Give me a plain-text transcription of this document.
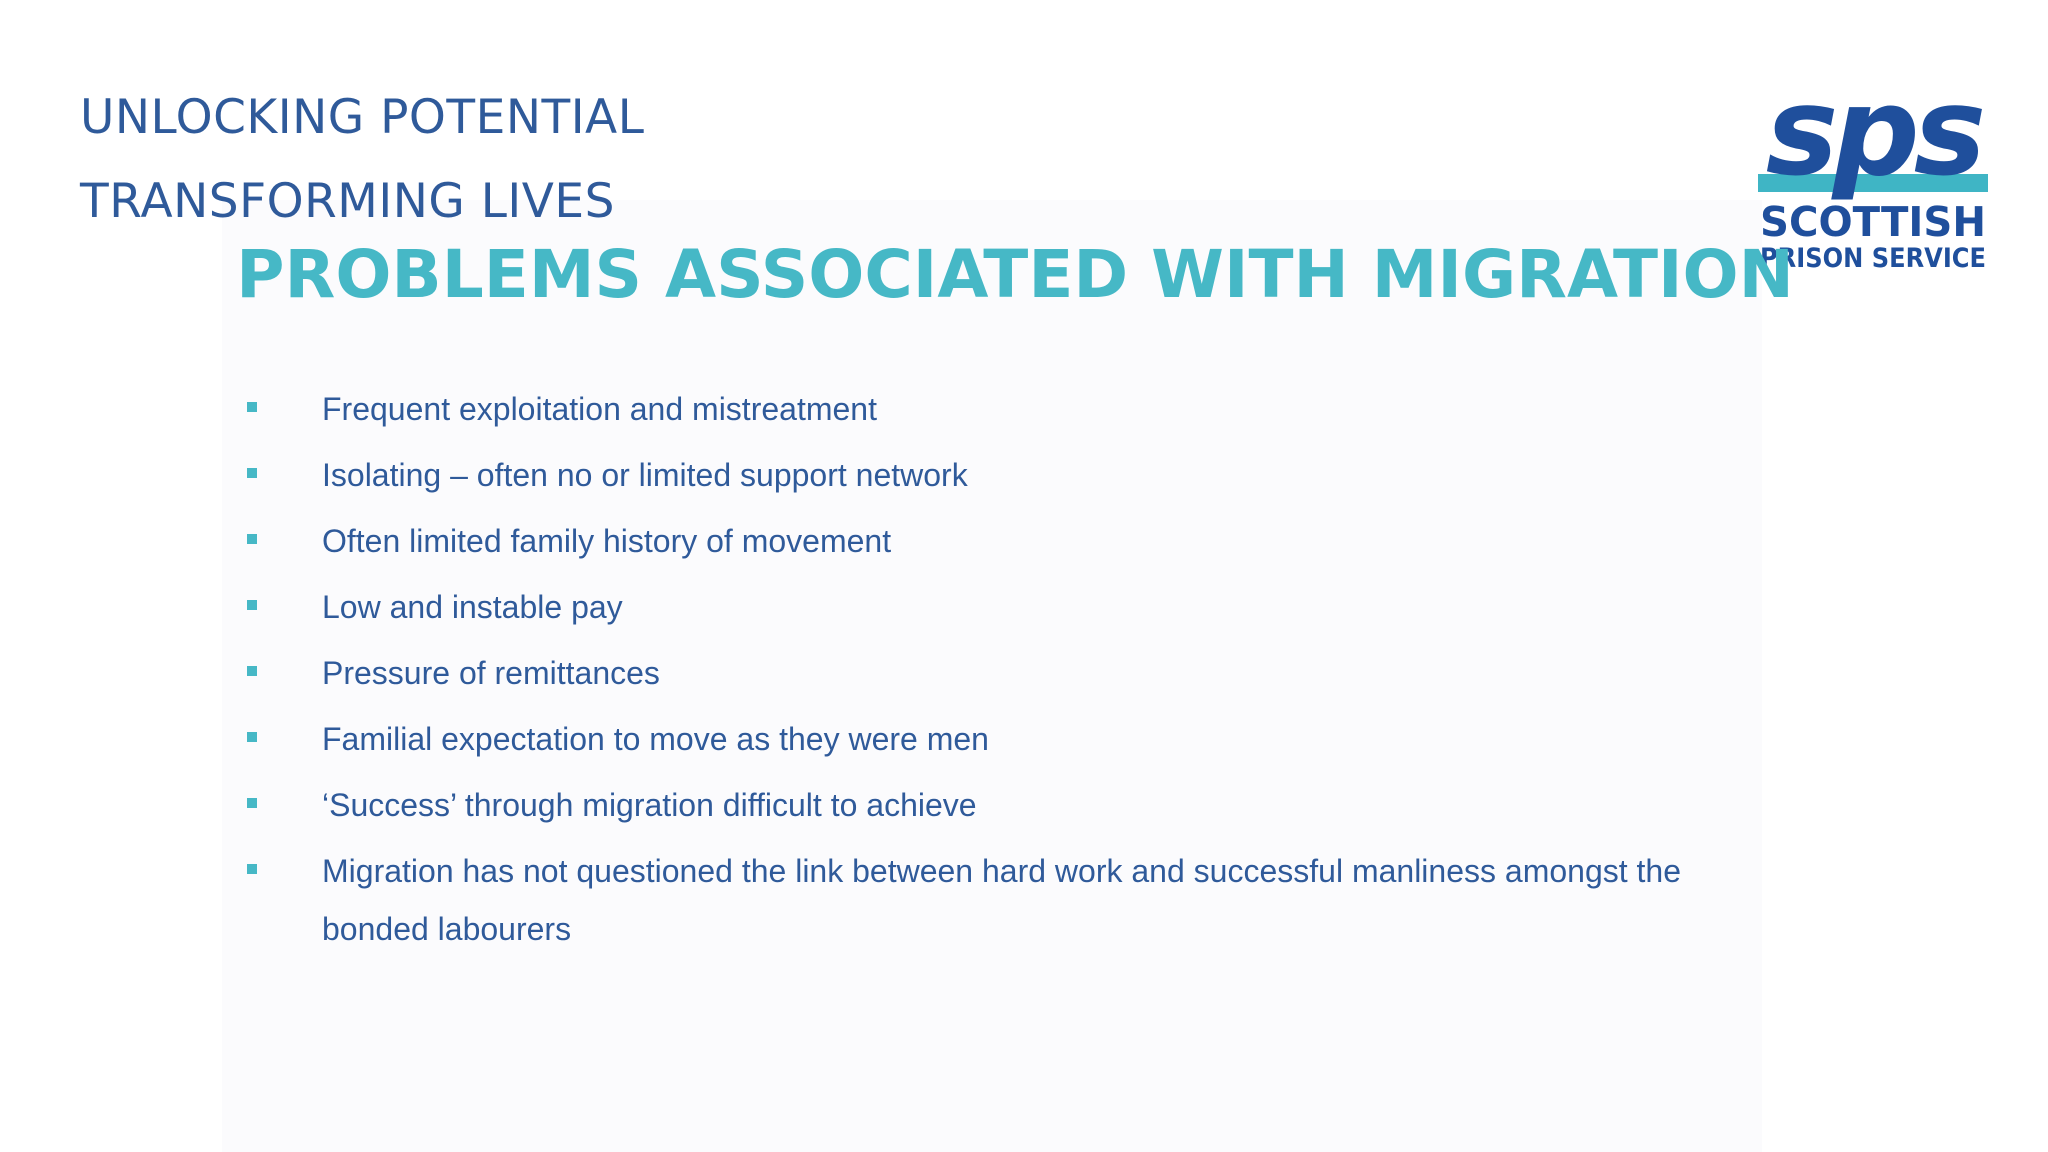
UNLOCKING POTENTIAL
TRANSFORMING LIVES	sps
SCOTTISH
PRISON SERVICE
PROBLEMS ASSOCIATED WITH MIGRATION
Frequent exploitation and mistreatment
Isolating – often no or limited support network
Often limited family history of movement
Low and instable pay
Pressure of remittances
Familial expectation to move as they were men
‘Success’ through migration difficult to achieve
Migration has not questioned the link between hard work and successful manliness amongst the bonded labourers
